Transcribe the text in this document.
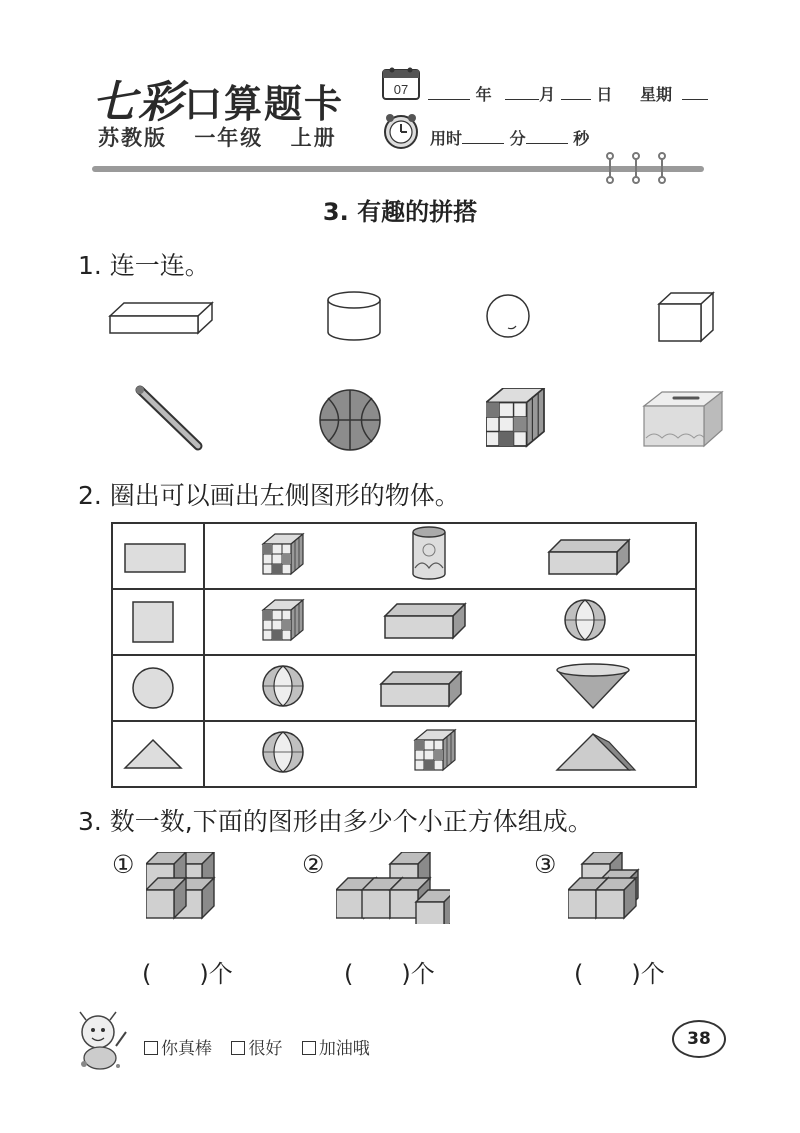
七彩口算题卡
苏教版 一年级 上册
07	年	月	日 星期
用时	分	秒
3. 有趣的拼搭
1. 连一连。
2. 圈出可以画出左侧图形的物体。

3. 数一数,下面的图形由多少个小正方体组成。
①	②	③
(　　)个	(　　)个	(　　)个
你真棒 很好 加油哦	38
